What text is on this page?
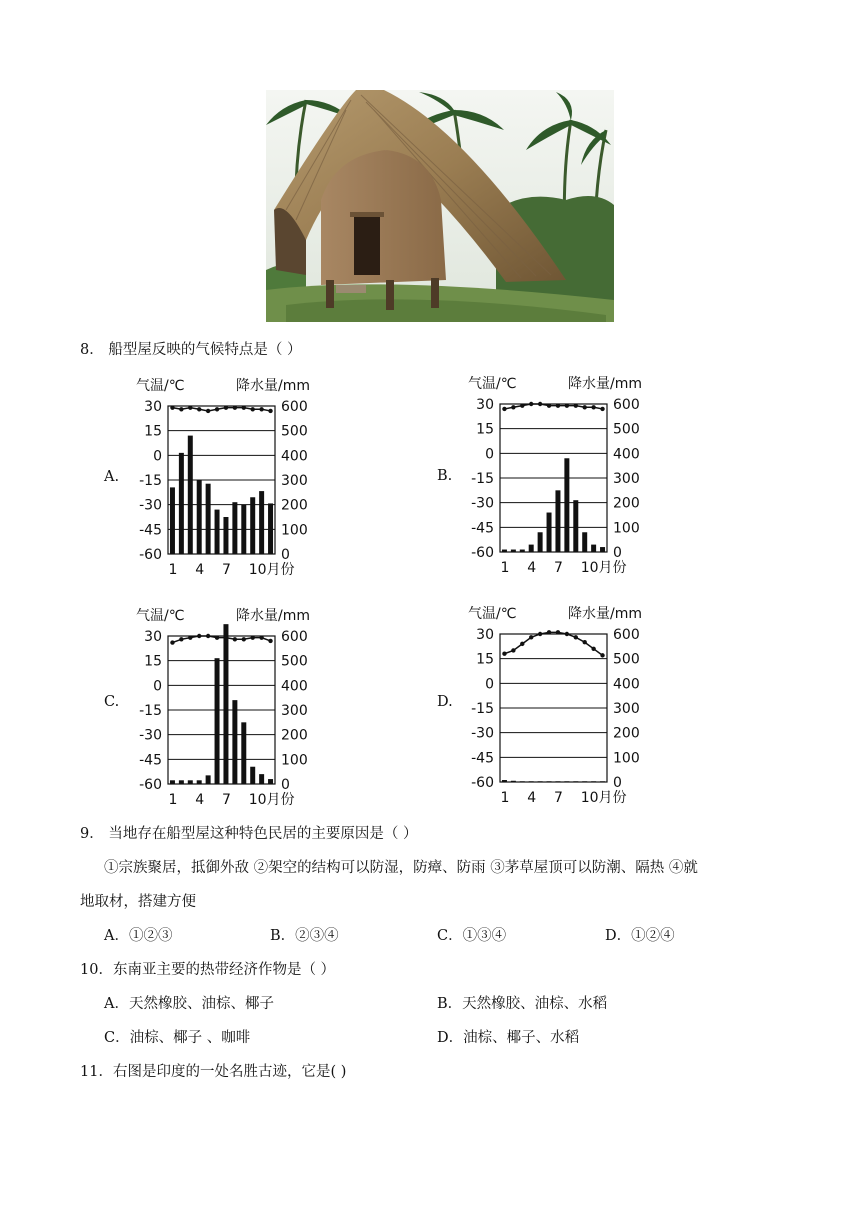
8． 船型屋反映的气候特点是（ ）
A.	B.
C.	D.
气温/℃	降水量/mm
30
15
0
-15
-30
-45
-60
600
500
400
300
200
100
0
1 4 7 10月份
气温/℃	降水量/mm
30
15
0
-15
-30
-45
-60
600
500
400
300
200
100
0
1 4 7 10月份
气温/℃	降水量/mm
30
15
0
-15
-30
-45
-60
600
500
400
300
200
100
0
1 4 7 10月份
气温/℃	降水量/mm
30
15
0
-15
-30
-45
-60
600
500
400
300
200
100
0
1 4 7 10月份
9． 当地存在船型屋这种特色民居的主要原因是（ ）
①宗族聚居，抵御外敌 ②架空的结构可以防湿，防瘴、防雨 ③茅草屋顶可以防潮、隔热 ④就
地取材，搭建方便
A．①②③	B．②③④	C．①③④	D．①②④
10．东南亚主要的热带经济作物是（ ）
A．天然橡胶、油棕、椰子	B．天然橡胶、油棕、水稻
C．油棕、椰子 、咖啡	D．油棕、椰子、水稻
11．右图是印度的一处名胜古迹，它是( )
